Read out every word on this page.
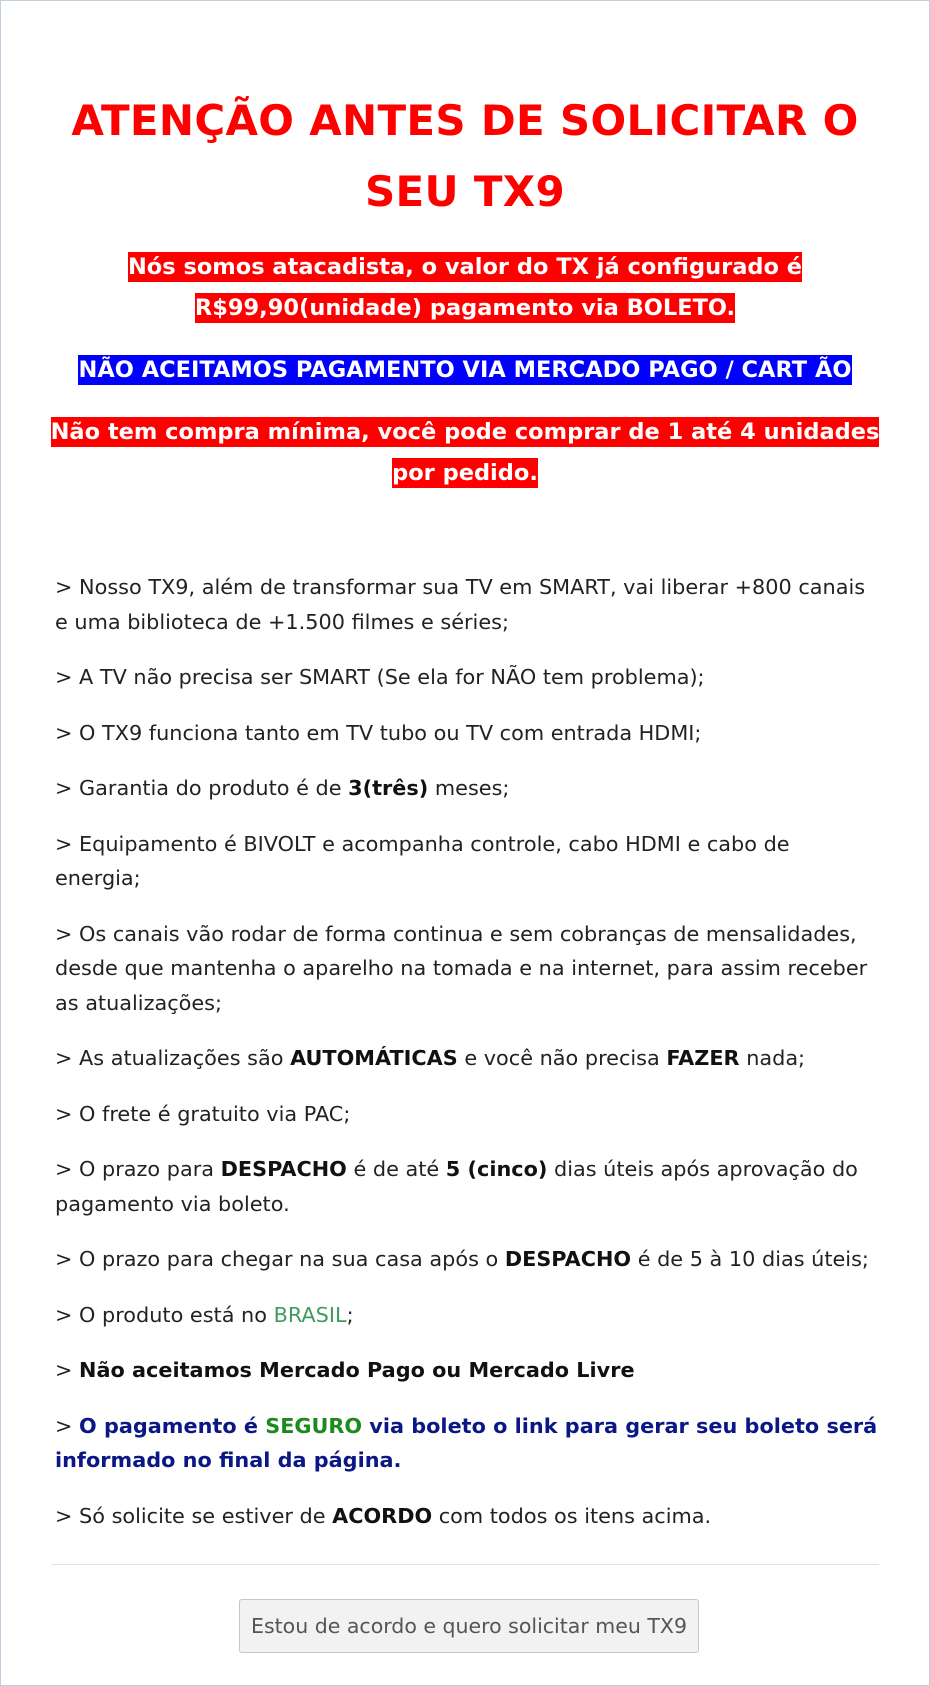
ATENÇÃO ANTES DE SOLICITAR O SEU TX9

Nós somos atacadista, o valor do TX já configurado é R$99,90(unidade) pagamento via BOLETO.

NÃO ACEITAMOS PAGAMENTO VIA MERCADO PAGO / CART ÃO

Não tem compra mínima, você pode comprar de 1 até 4 unidades por pedido.

> Nosso TX9, além de transformar sua TV em SMART, vai liberar +800 canais e uma biblioteca de +1.500 filmes e séries;
> A TV não precisa ser SMART (Se ela for NÃO tem problema);
> O TX9 funciona tanto em TV tubo ou TV com entrada HDMI;
> Garantia do produto é de 3(três) meses;
> Equipamento é BIVOLT e acompanha controle, cabo HDMI e cabo de energia;
> Os canais vão rodar de forma continua e sem cobranças de mensalidades, desde que mantenha o aparelho na tomada e na internet, para assim receber as atualizações;
> As atualizações são AUTOMÁTICAS e você não precisa FAZER nada;
> O frete é gratuito via PAC;
> O prazo para DESPACHO é de até 5 (cinco) dias úteis após aprovação do pagamento via boleto.
> O prazo para chegar na sua casa após o DESPACHO é de 5 à 10 dias úteis;
> O produto está no BRASIL;
> Não aceitamos Mercado Pago ou Mercado Livre
> O pagamento é SEGURO via boleto o link para gerar seu boleto será informado no final da página.
> Só solicite se estiver de ACORDO com todos os itens acima.
Estou de acordo e quero solicitar meu TX9
